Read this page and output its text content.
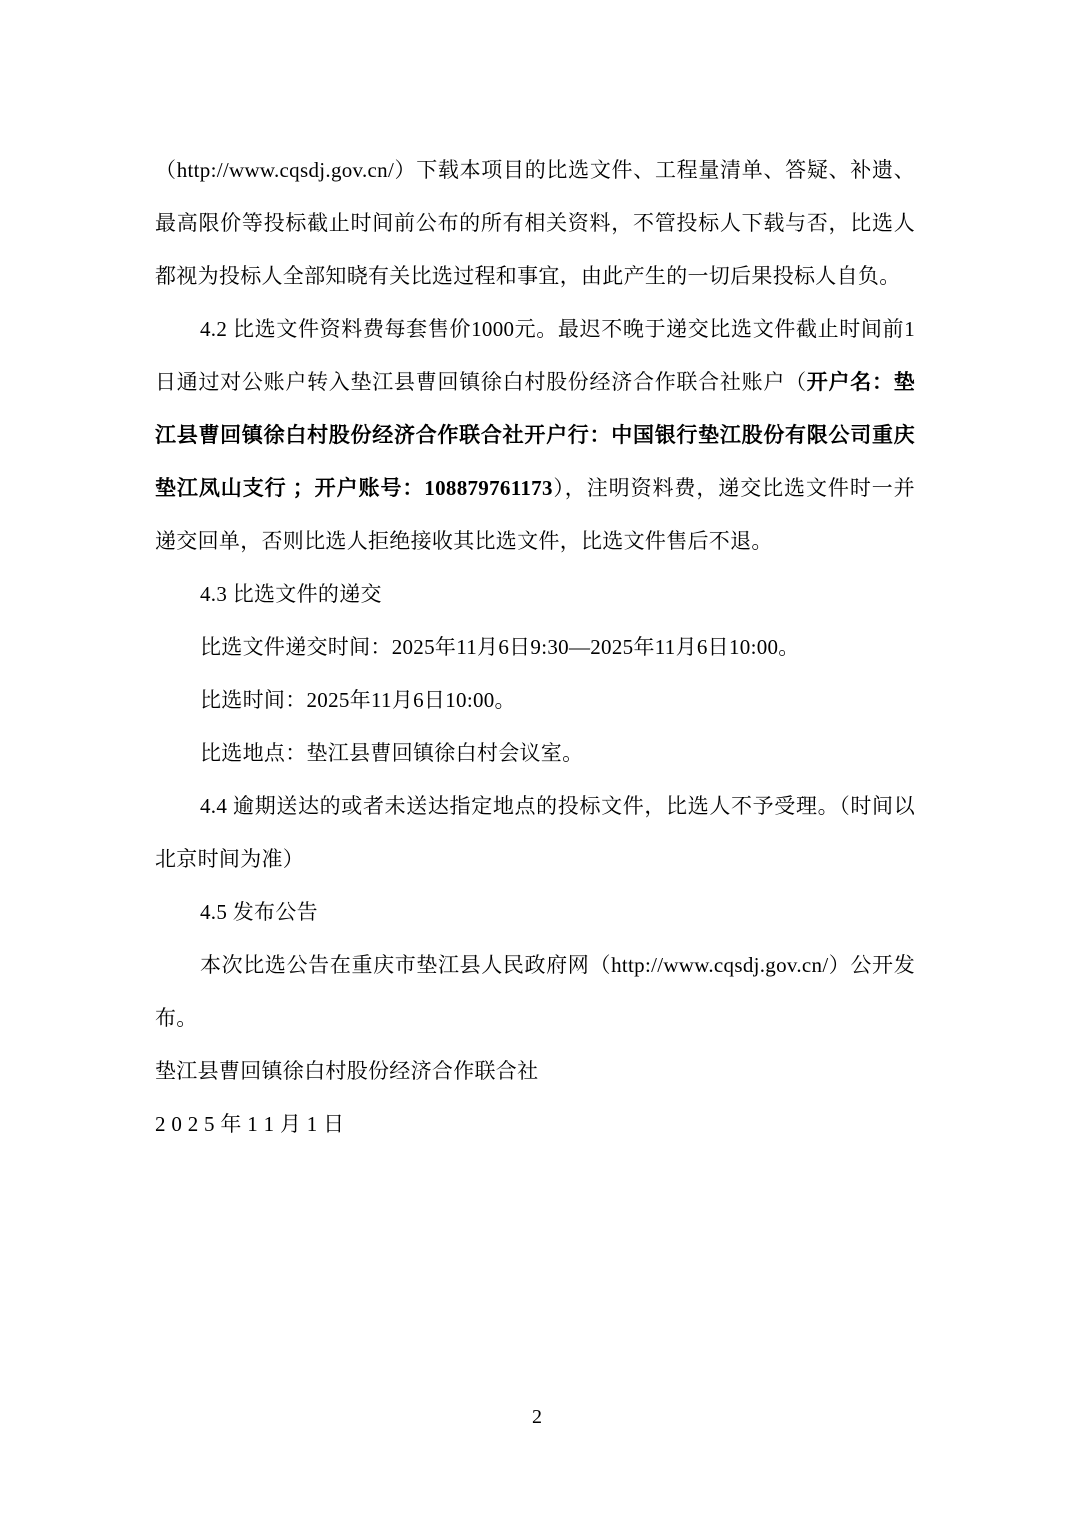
（http://www.cqsdj.gov.cn/）下载本项目的比选文件、工程量清单、答疑、补遗、最高限价等投标截止时间前公布的所有相关资料，不管投标人下载与否，比选人都视为投标人全部知晓有关比选过程和事宜，由此产生的一切后果投标人自负。

4.2 比选文件资料费每套售价1000元。最迟不晚于递交比选文件截止时间前1日通过对公账户转入垫江县曹回镇徐白村股份经济合作联合社账户（开户名：垫江县曹回镇徐白村股份经济合作联合社开户行：中国银行垫江股份有限公司重庆垫江凤山支行 ；开户账号：108879761173），注明资料费，递交比选文件时一并递交回单，否则比选人拒绝接收其比选文件，比选文件售后不退。

4.3 比选文件的递交

比选文件递交时间：2025年11月6日9:30—2025年11月6日10:00。

比选时间：2025年11月6日10:00。

比选地点：垫江县曹回镇徐白村会议室。

4.4 逾期送达的或者未送达指定地点的投标文件，比选人不予受理。（时间以北京时间为准）

4.5 发布公告

本次比选公告在重庆市垫江县人民政府网（http://www.cqsdj.gov.cn/）公开发布。

垫江县曹回镇徐白村股份经济合作联合社

2 0 2 5 年 1 1 月 1 日

2
